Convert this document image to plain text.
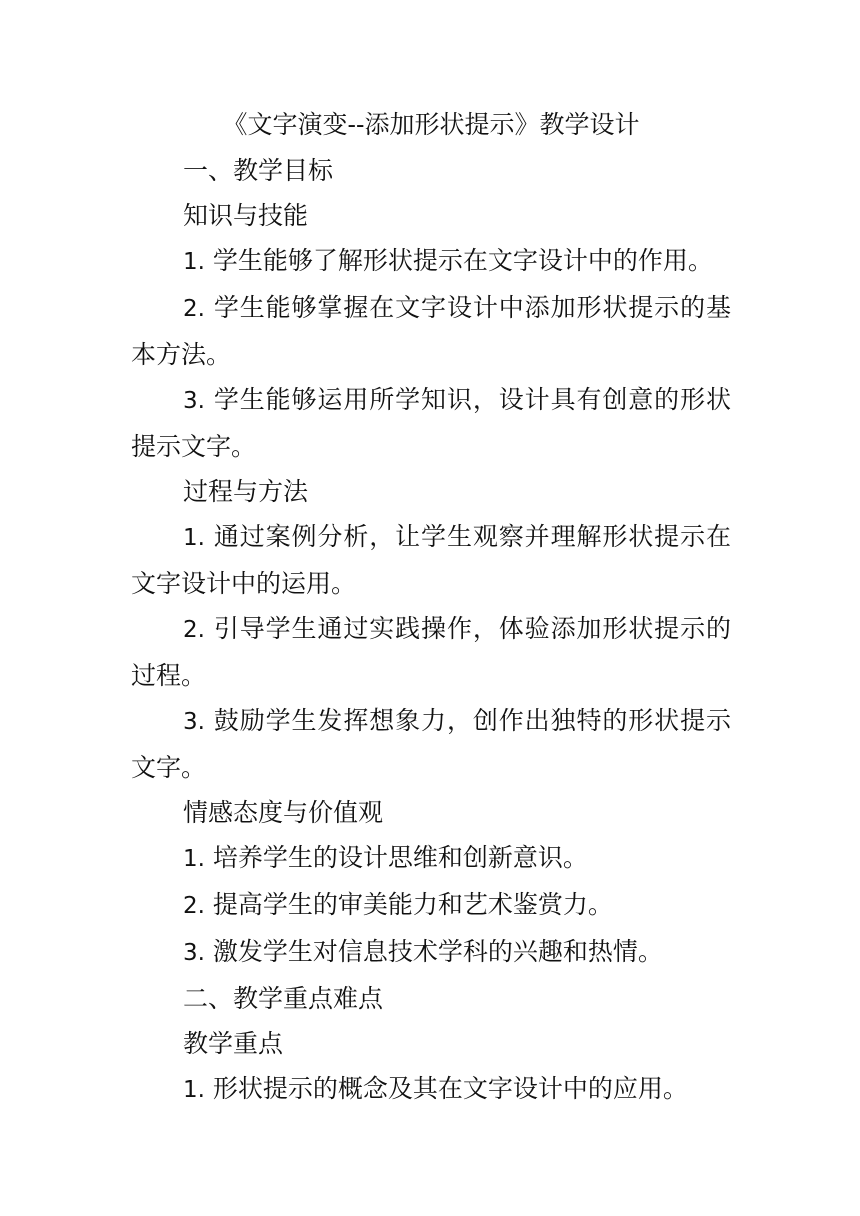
《文字演变--添加形状提示》教学设计

一、教学目标

知识与技能

1. 学生能够了解形状提示在文字设计中的作用。

2. 学生能够掌握在文字设计中添加形状提示的基本方法。

3. 学生能够运用所学知识，设计具有创意的形状提示文字。

过程与方法

1. 通过案例分析，让学生观察并理解形状提示在文字设计中的运用。

2. 引导学生通过实践操作，体验添加形状提示的过程。

3. 鼓励学生发挥想象力，创作出独特的形状提示文字。

情感态度与价值观

1. 培养学生的设计思维和创新意识。

2. 提高学生的审美能力和艺术鉴赏力。

3. 激发学生对信息技术学科的兴趣和热情。

二、教学重点难点

教学重点

1. 形状提示的概念及其在文字设计中的应用。
